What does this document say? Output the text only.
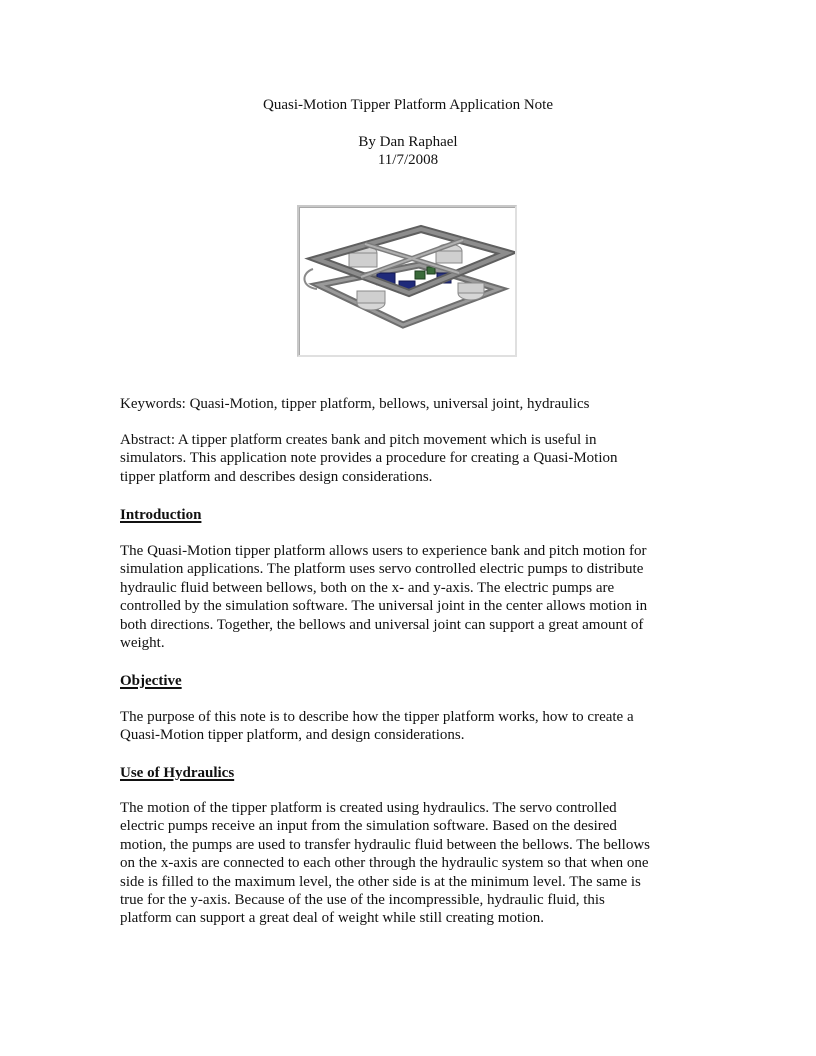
Quasi-Motion Tipper Platform Application Note
By Dan Raphael
11/7/2008
Keywords: Quasi-Motion, tipper platform, bellows, universal joint, hydraulics
Abstract: A tipper platform creates bank and pitch movement which is useful in
simulators. This application note provides a procedure for creating a Quasi-Motion
tipper platform and describes design considerations.
Introduction
The Quasi-Motion tipper platform allows users to experience bank and pitch motion for
simulation applications. The platform uses servo controlled electric pumps to distribute
hydraulic fluid between bellows, both on the x- and y-axis. The electric pumps are
controlled by the simulation software. The universal joint in the center allows motion in
both directions. Together, the bellows and universal joint can support a great amount of
weight.
Objective
The purpose of this note is to describe how the tipper platform works, how to create a
Quasi-Motion tipper platform, and design considerations.
Use of Hydraulics
The motion of the tipper platform is created using hydraulics. The servo controlled
electric pumps receive an input from the simulation software. Based on the desired
motion, the pumps are used to transfer hydraulic fluid between the bellows. The bellows
on the x-axis are connected to each other through the hydraulic system so that when one
side is filled to the maximum level, the other side is at the minimum level. The same is
true for the y-axis. Because of the use of the incompressible, hydraulic fluid, this
platform can support a great deal of weight while still creating motion.
